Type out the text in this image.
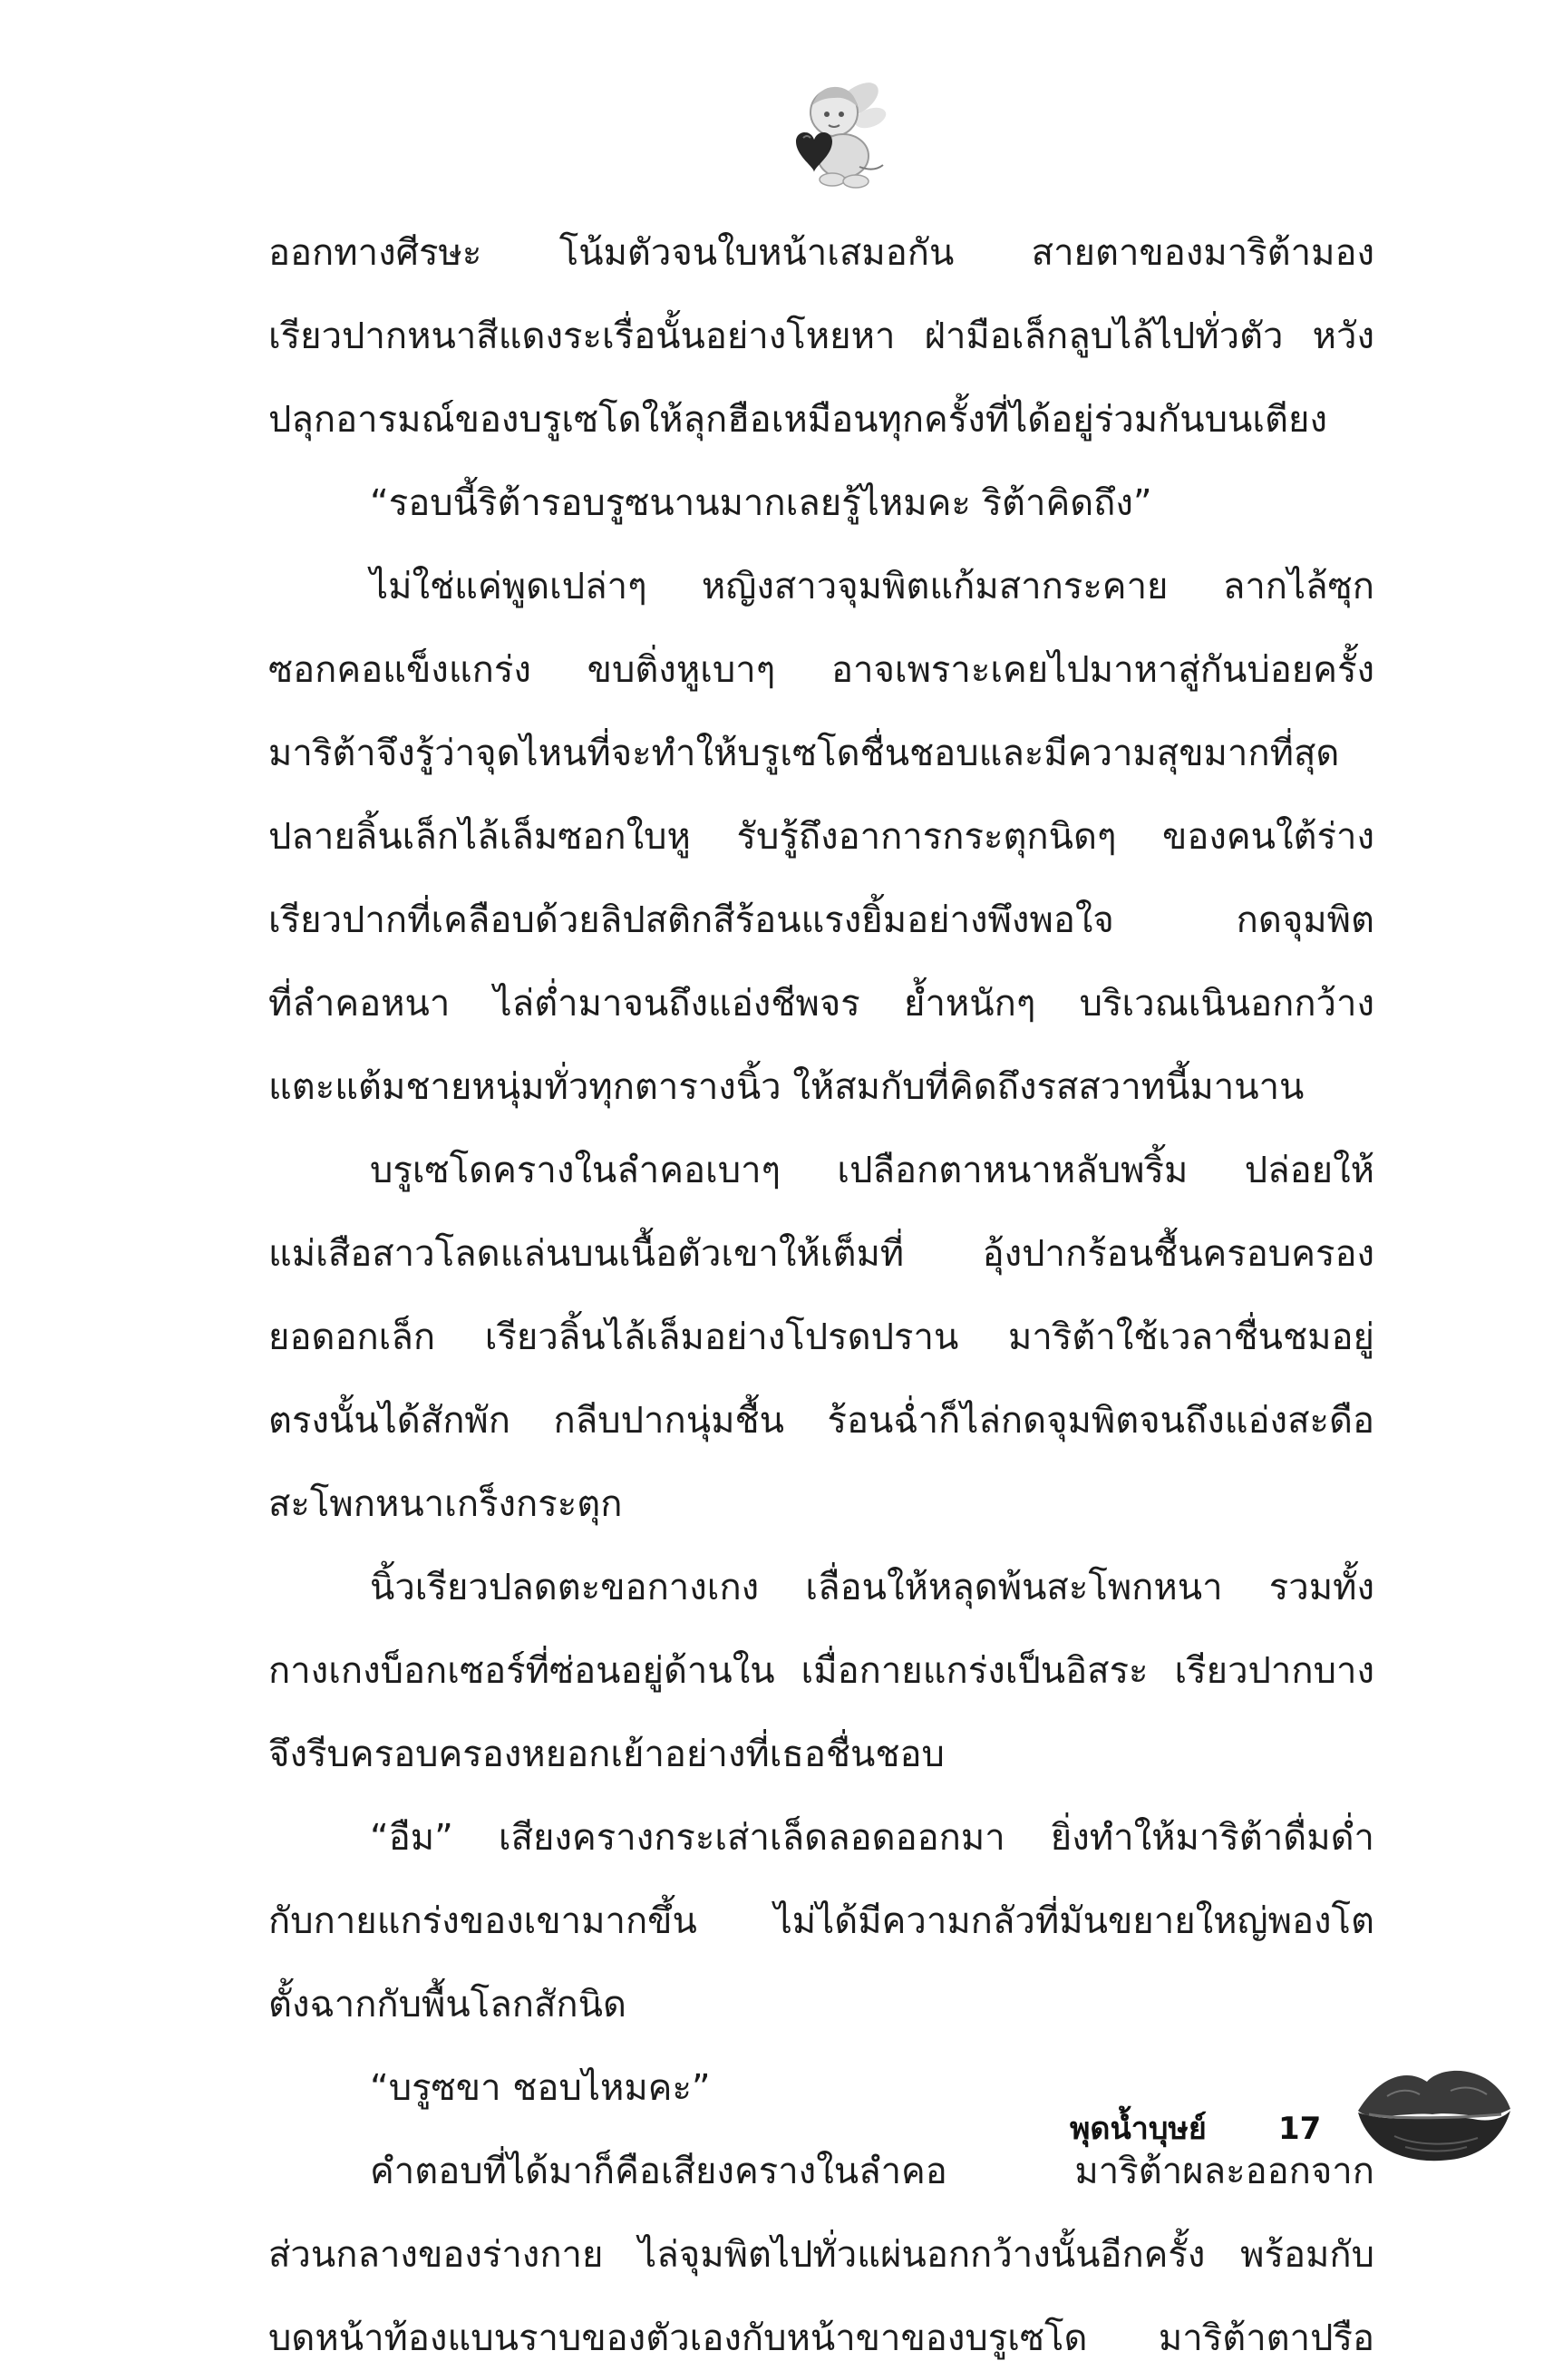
ออกทางศีรษะ โน้มตัวจนใบหน้าเสมอกัน สายตาของมาริต้ามอง
เรียวปากหนาสีแดงระเรื่อนั้นอย่างโหยหา ฝ่ามือเล็กลูบไล้ไปทั่วตัว หวัง
ปลุกอารมณ์ของบรูเซโดให้ลุกฮือเหมือนทุกครั้งที่ได้อยู่ร่วมกันบนเตียง
“รอบนี้ริต้ารอบรูซนานมากเลยรู้ไหมคะ ริต้าคิดถึง”
ไม่ใช่แค่พูดเปล่าๆ หญิงสาวจุมพิตแก้มสากระคาย ลากไล้ซุก
ซอกคอแข็งแกร่ง ขบติ่งหูเบาๆ อาจเพราะเคยไปมาหาสู่กันบ่อยครั้ง
มาริต้าจึงรู้ว่าจุดไหนที่จะทำให้บรูเซโดชื่นชอบและมีความสุขมากที่สุด
ปลายลิ้นเล็กไล้เล็มซอกใบหู รับรู้ถึงอาการกระตุกนิดๆ ของคนใต้ร่าง
เรียวปากที่เคลือบด้วยลิปสติกสีร้อนแรงยิ้มอย่างพึงพอใจ กดจุมพิต
ที่ลำคอหนา ไล่ต่ำมาจนถึงแอ่งชีพจร ย้ำหนักๆ บริเวณเนินอกกว้าง
แตะแต้มชายหนุ่มทั่วทุกตารางนิ้ว ให้สมกับที่คิดถึงรสสวาทนี้มานาน
บรูเซโดครางในลำคอเบาๆ เปลือกตาหนาหลับพริ้ม ปล่อยให้
แม่เสือสาวโลดแล่นบนเนื้อตัวเขาให้เต็มที่ อุ้งปากร้อนชื้นครอบครอง
ยอดอกเล็ก เรียวลิ้นไล้เล็มอย่างโปรดปราน มาริต้าใช้เวลาชื่นชมอยู่
ตรงนั้นได้สักพัก กลีบปากนุ่มชื้น ร้อนฉ่ำก็ไล่กดจุมพิตจนถึงแอ่งสะดือ
สะโพกหนาเกร็งกระตุก
นิ้วเรียวปลดตะขอกางเกง เลื่อนให้หลุดพ้นสะโพกหนา รวมทั้ง
กางเกงบ็อกเซอร์ที่ซ่อนอยู่ด้านใน เมื่อกายแกร่งเป็นอิสระ เรียวปากบาง
จึงรีบครอบครองหยอกเย้าอย่างที่เธอชื่นชอบ
“อืม” เสียงครางกระเส่าเล็ดลอดออกมา ยิ่งทำให้มาริต้าดื่มด่ำ
กับกายแกร่งของเขามากขึ้น ไม่ได้มีความกลัวที่มันขยายใหญ่พองโต
ตั้งฉากกับพื้นโลกสักนิด
“บรูซขา ชอบไหมคะ”
คำตอบที่ได้มาก็คือเสียงครางในลำคอ มาริต้าผละออกจาก
ส่วนกลางของร่างกาย ไล่จุมพิตไปทั่วแผ่นอกกว้างนั้นอีกครั้ง พร้อมกับ
บดหน้าท้องแบนราบของตัวเองกับหน้าขาของบรูเซโด มาริต้าตาปรือ
พุดน้ำบุษย์ 17
